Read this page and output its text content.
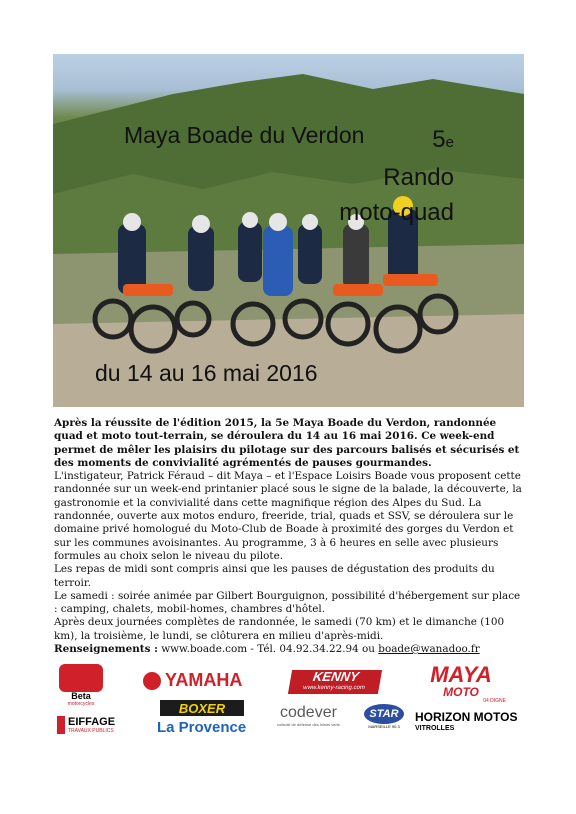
Maya Boade du Verdon	5e
Rando
moto-quad
du 14 au 16 mai 2016

Après la réussite de l'édition 2015, la 5e Maya Boade du Verdon, randonnée quad et moto tout-terrain, se déroulera du 14 au 16 mai 2016. Ce week-end permet de mêler les plaisirs du pilotage sur des parcours balisés et sécurisés et des moments de convivialité agrémentés de pauses gourmandes.

L'instigateur, Patrick Féraud – dit Maya – et l'Espace Loisirs Boade vous proposent cette randonnée sur un week-end printanier placé sous le signe de la balade, la découverte, la gastronomie et la convivialité dans cette magnifique région des Alpes du Sud. La randonnée, ouverte aux motos enduro, freeride, trial, quads et SSV, se déroulera sur le domaine privé homologué du Moto-Club de Boade à proximité des gorges du Verdon et sur les communes avoisinantes. Au programme, 3 à 6 heures en selle avec plusieurs formules au choix selon le niveau du pilote.

Les repas de midi sont compris ainsi que les pauses de dégustation des produits du terroir.

Le samedi : soirée animée par Gilbert Bourguignon, possibilité d'hébergement sur place : camping, chalets, mobil-homes, chambres d'hôtel.

Après deux journées complètes de randonnée, le samedi (70 km) et le dimanche (100 km), la troisième, le lundi, se clôturera en milieu d'après-midi.

Renseignements : www.boade.com - Tél. 04.92.34.22.94 ou boade@wanadoo.fr

Beta
motorcycles
YAMAHA	KENNY
www.kenny-racing.com
MAYA
MOTO
04 DIGNE
EIFFAGE
TRAVAUX PUBLICS
BOXER
La Provence
codever
collectif de défense des loisirs verts
STAR
MARSEILLE 90.3
HORIZON MOTOS
VITROLLES
